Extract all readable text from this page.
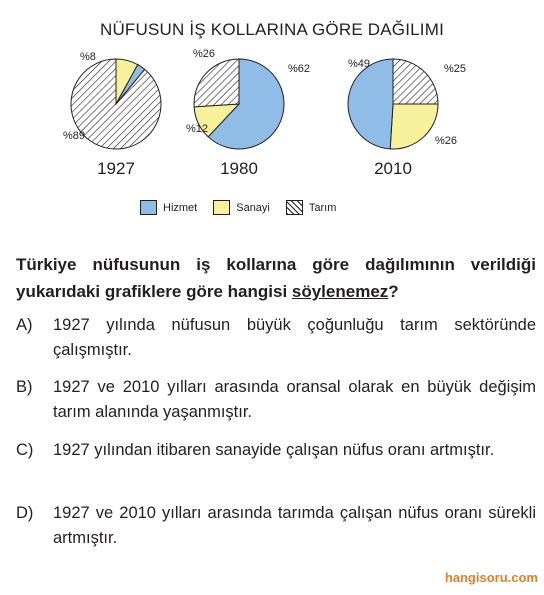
NÜFUSUN İŞ KOLLARINA GÖRE DAĞILIMI
%89
%8
1927
%62
%12
%26
1980
%25
%26
%49
2010
Hizmet	Sanayi	Tarım
Türkiye nüfusunun iş kollarına göre dağılımının verildiği yukarıdaki grafiklere göre hangisi söylenemez?
A) 1927 yılında nüfusun büyük çoğunluğu tarım sektöründe çalışmıştır.
B) 1927 ve 2010 yılları arasında oransal olarak en büyük değişim tarım alanında yaşanmıştır.
C) 1927 yılından itibaren sanayide çalışan nüfus oranı artmıştır.
D) 1927 ve 2010 yılları arasında tarımda çalışan nüfus oranı sürekli artmıştır.
hangisoru.com
